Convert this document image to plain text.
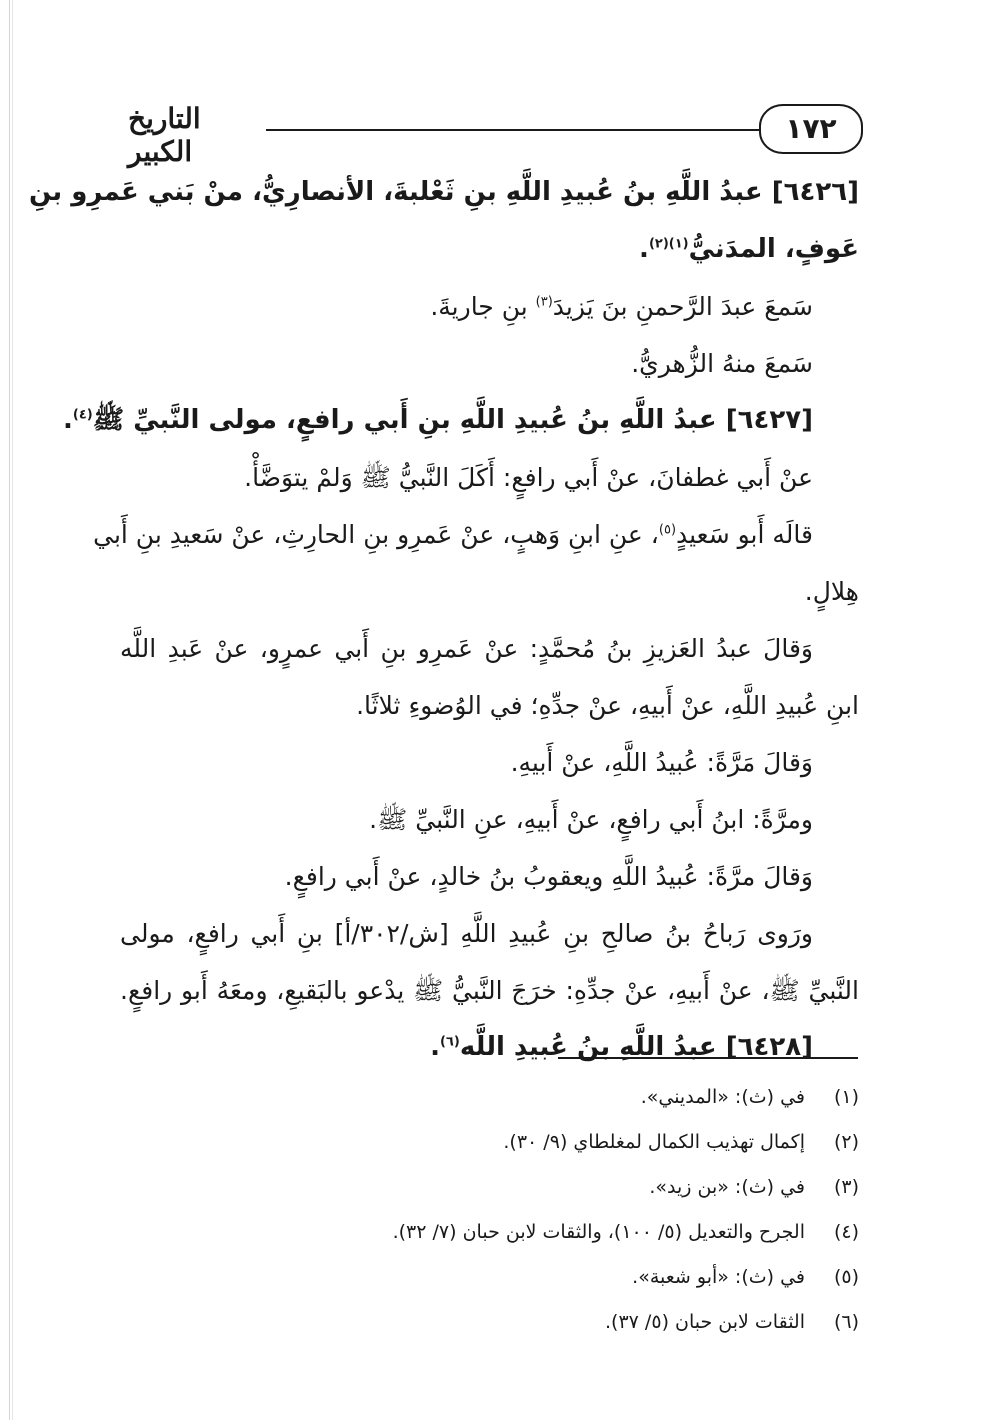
١٧٢
التاريخ الكبير
[٦٤٢٦] عبدُ اللَّهِ بنُ عُبيدِ اللَّهِ بنِ ثَعْلبةَ، الأنصارِيُّ، منْ بَني عَمرِو بنِ
عَوفٍ، المدَنيُّ$^{(١)(٢)}$.
سَمعَ عبدَ الرَّحمنِ بنَ يَزيدَ$^{(٣)}$ بنِ جاريةَ.
سَمعَ منهُ الزُّهريُّ.
[٦٤٢٧] عبدُ اللَّهِ بنُ عُبيدِ اللَّهِ بنِ أَبي رافعٍ، مولى النَّبيِّ ﷺ$^{(٤)}$.
عنْ أَبي غطفانَ، عنْ أَبي رافعٍ: أَكَلَ النَّبيُّ ﷺ وَلمْ يتوَضَّأْ.
قالَه أَبو سَعيدٍ$^{(٥)}$، عنِ ابنِ وَهبٍ، عنْ عَمرِو بنِ الحارِثِ، عنْ سَعيدِ بنِ أَبي
هِلالٍ.
وَقالَ عبدُ العَزيزِ بنُ مُحمَّدٍ: عنْ عَمرِو بنِ أَبي عمرٍو، عنْ عَبدِ اللَّه
ابنِ عُبيدِ اللَّهِ، عنْ أَبيهِ، عنْ جدِّهِ؛ في الوُضوءِ ثلاثًا.
وَقالَ مَرَّةً: عُبيدُ اللَّهِ، عنْ أَبيهِ.
ومرَّةً: ابنُ أَبي رافعٍ، عنْ أَبيهِ، عنِ النَّبيِّ ﷺ.
وَقالَ مرَّةً: عُبيدُ اللَّهِ ويعقوبُ بنُ خالدٍ، عنْ أَبي رافعٍ.
ورَوى رَباحُ بنُ صالحِ بنِ عُبيدِ اللَّهِ [ش/٣٠٢/أ] بنِ أَبي رافعٍ، مولى
النَّبيِّ ﷺ، عنْ أَبيهِ، عنْ جدِّهِ: خرَجَ النَّبيُّ ﷺ يدْعو بالبَقيعِ، ومعَهُ أَبو رافعٍ.
[٦٤٢٨] عبدُ اللَّهِ بنُ عُبيدِ اللَّه$^{(٦)}$.
(١)في (ث): «المديني».
(٢)إكمال تهذيب الكمال لمغلطاي (٩/ ٣٠).
(٣)في (ث): «بن زيد».
(٤)الجرح والتعديل (٥/ ١٠٠)، والثقات لابن حبان (٧/ ٣٢).
(٥)في (ث): «أبو شعبة».
(٦)الثقات لابن حبان (٥/ ٣٧).
